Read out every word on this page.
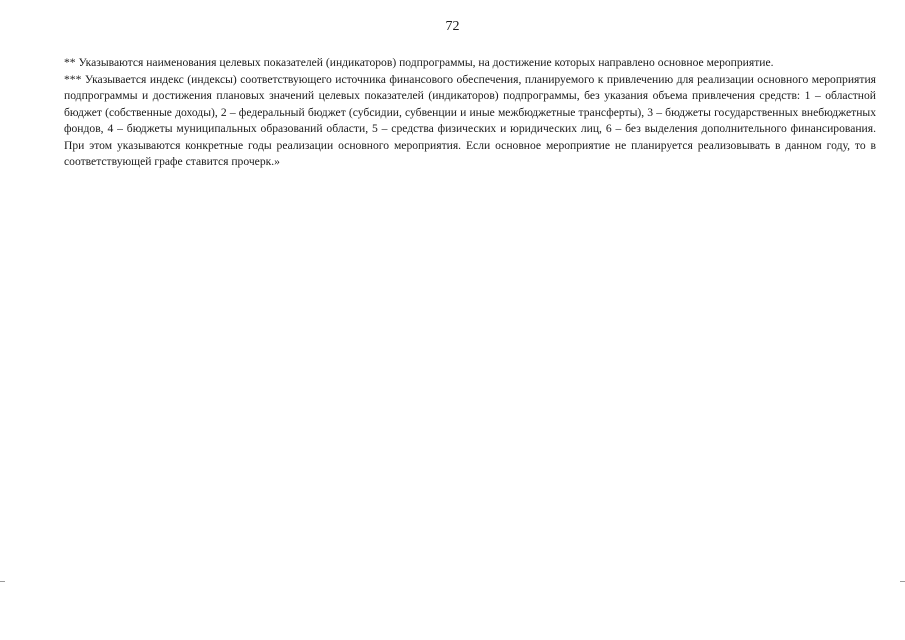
72

** Указываются наименования целевых показателей (индикаторов) подпрограммы, на достижение которых направлено основное мероприятие.

*** Указывается индекс (индексы) соответствующего источника финансового обеспечения, планируемого к привлечению для реализации основного мероприятия подпрограммы и достижения плановых значений целевых показателей (индикаторов) подпрограммы, без указания объема привлечения средств: 1 – областной бюджет (собственные доходы), 2 – федеральный бюджет (субсидии, субвенции и иные межбюджетные трансферты), 3 – бюджеты государственных внебюджетных фондов, 4 – бюджеты муниципальных образований области, 5 – средства физических и юридических лиц, 6 – без выделения дополнительного финансирования. При этом указываются конкретные годы реализации основного мероприятия. Если основное мероприятие не планируется реализовывать в данном году, то в соответствующей графе ставится прочерк.»
